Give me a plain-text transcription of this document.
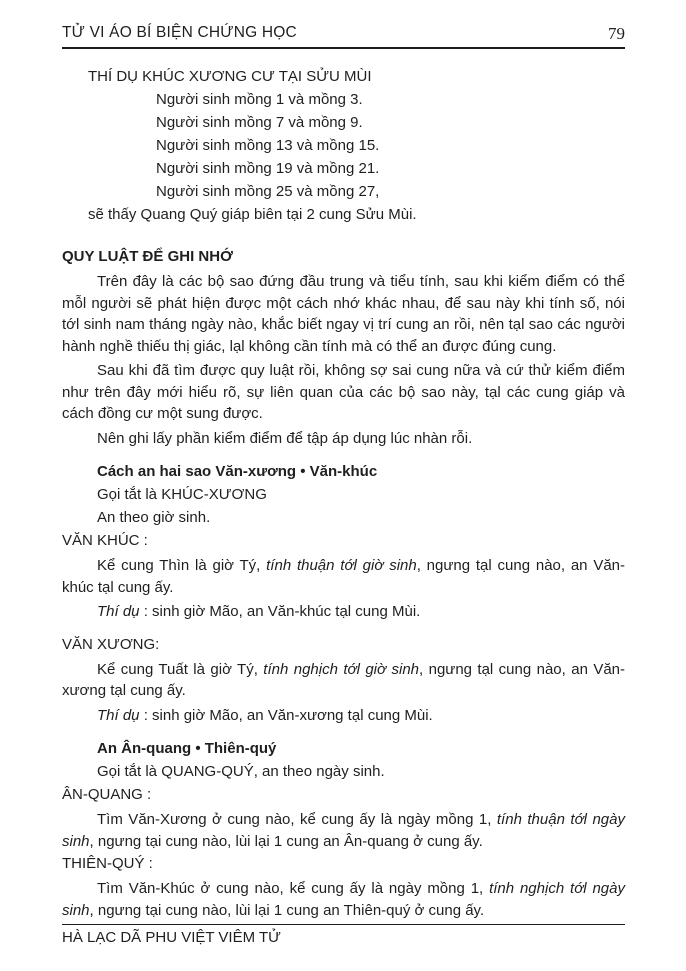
TỬ VI ÁO BÍ BIỆN CHỨNG HỌC	79
THÍ DỤ KHÚC XƯƠNG CƯ TẠI SỬU MÙI
Người sinh mồng 1 và mồng 3.
Người sinh mồng 7 và mồng 9.
Người sinh mồng 13 và mồng 15.
Người sinh mồng 19 và mồng 21.
Người sinh mồng 25 và mồng 27,
sẽ thấy Quang Quý giáp biên tại 2 cung Sửu Mùi.
QUY LUẬT ĐỂ GHI NHỚ
Trên đây là các bộ sao đứng đầu trung và tiểu tính, sau khi kiểm điểm có thể mỗl người sẽ phát hiện được một cách nhớ khác nhau, để sau này khi tính số, nói tớl sinh nam tháng ngày nào, khắc biết ngay vị trí cung an rồi, nên tạl sao các người hành nghề thiếu thị giác, lạl không cần tính mà có thể an được đúng cung.
Sau khi đã tìm được quy luật rồi, không sợ sai cung nữa và cứ thử kiểm điểm như trên đây mới hiểu rõ, sự liên quan của các bộ sao này, tạl các cung giáp và cách đồng cư một sung được.
Nên ghi lấy phần kiểm điểm để tập áp dụng lúc nhàn rỗi.
Cách an hai sao Văn-xương • Văn-khúc
Gọi tắt là KHÚC-XƯƠNG
An theo giờ sinh.
VĂN KHÚC :
Kể cung Thìn là giờ Tý, tính thuận tớl giờ sinh, ngưng tạl cung nào, an Văn-khúc tạl cung ấy.
Thí dụ : sinh giờ Mão, an Văn-khúc tạl cung Mùi.
VĂN XƯƠNG:
Kể cung Tuất là giờ Tý, tính nghịch tớl giờ sinh, ngưng tạl cung nào, an Văn-xương tạl cung ấy.
Thí dụ : sinh giờ Mão, an Văn-xương tạl cung Mùi.
An Ân-quang • Thiên-quý
Gọi tắt là QUANG-QUÝ, an theo ngày sinh.
ÂN-QUANG :
Tìm Văn-Xương ở cung nào, kể cung ấy là ngày mồng 1, tính thuận tớl ngày sinh, ngưng tại cung nào, lùi lại 1 cung an Ân-quang ở cung ấy.
THIÊN-QUÝ :
Tìm Văn-Khúc ở cung nào, kể cung ấy là ngày mồng 1, tính nghịch tớl ngày sinh, ngưng tại cung nào, lùi lại 1 cung an Thiên-quý ở cung ấy.
HÀ LẠC DÃ PHU VIỆT VIÊM TỬ
